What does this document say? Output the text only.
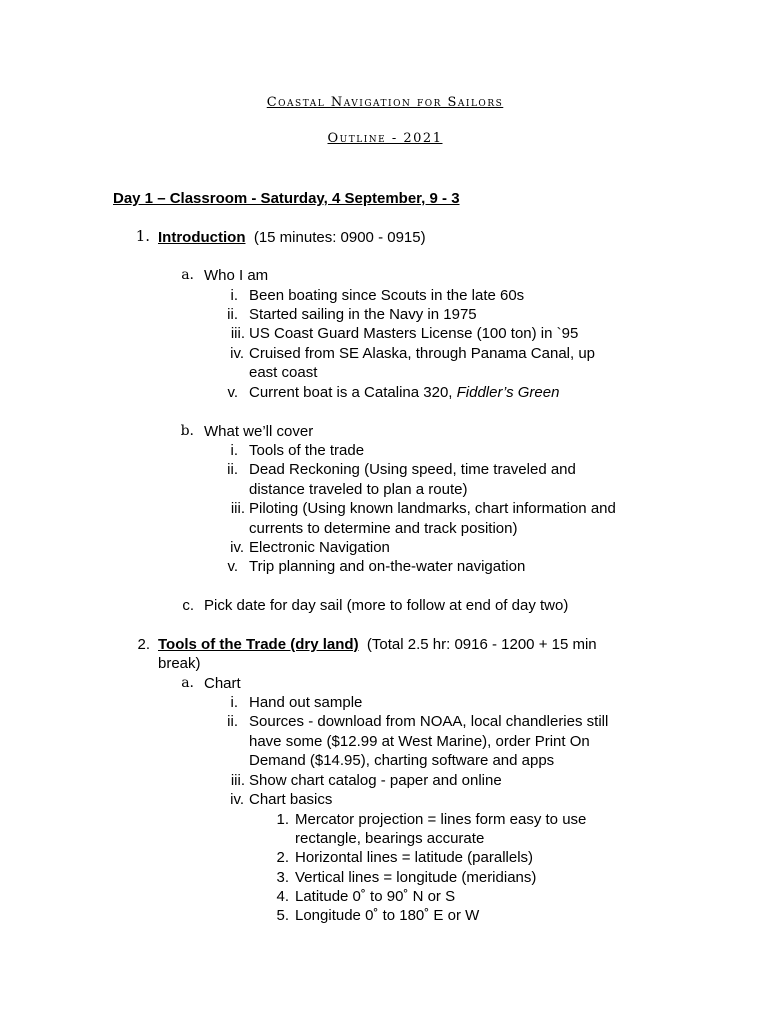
Coastal Navigation for Sailors
Outline - 2021
Day 1 – Classroom - Saturday, 4 September, 9 - 3
1. Introduction (15 minutes: 0900 - 0915)
a. Who I am
i. Been boating since Scouts in the late 60s
ii. Started sailing in the Navy in 1975
iii. US Coast Guard Masters License (100 ton) in `95
iv. Cruised from SE Alaska, through Panama Canal, up
east coast
v. Current boat is a Catalina 320, Fiddler’s Green
b. What we’ll cover
i. Tools of the trade
ii. Dead Reckoning (Using speed, time traveled and
distance traveled to plan a route)
iii. Piloting (Using known landmarks, chart information and
currents to determine and track position)
iv. Electronic Navigation
v. Trip planning and on-the-water navigation
c. Pick date for day sail (more to follow at end of day two)
2. Tools of the Trade (dry land) (Total 2.5 hr: 0916 - 1200 + 15 min
break)
a. Chart
i. Hand out sample
ii. Sources - download from NOAA, local chandleries still
have some ($12.99 at West Marine), order Print On
Demand ($14.95), charting software and apps
iii. Show chart catalog - paper and online
iv. Chart basics
1. Mercator projection = lines form easy to use
rectangle, bearings accurate
2. Horizontal lines = latitude (parallels)
3. Vertical lines = longitude (meridians)
4. Latitude 0˚ to 90˚ N or S
5. Longitude 0˚ to 180˚ E or W
